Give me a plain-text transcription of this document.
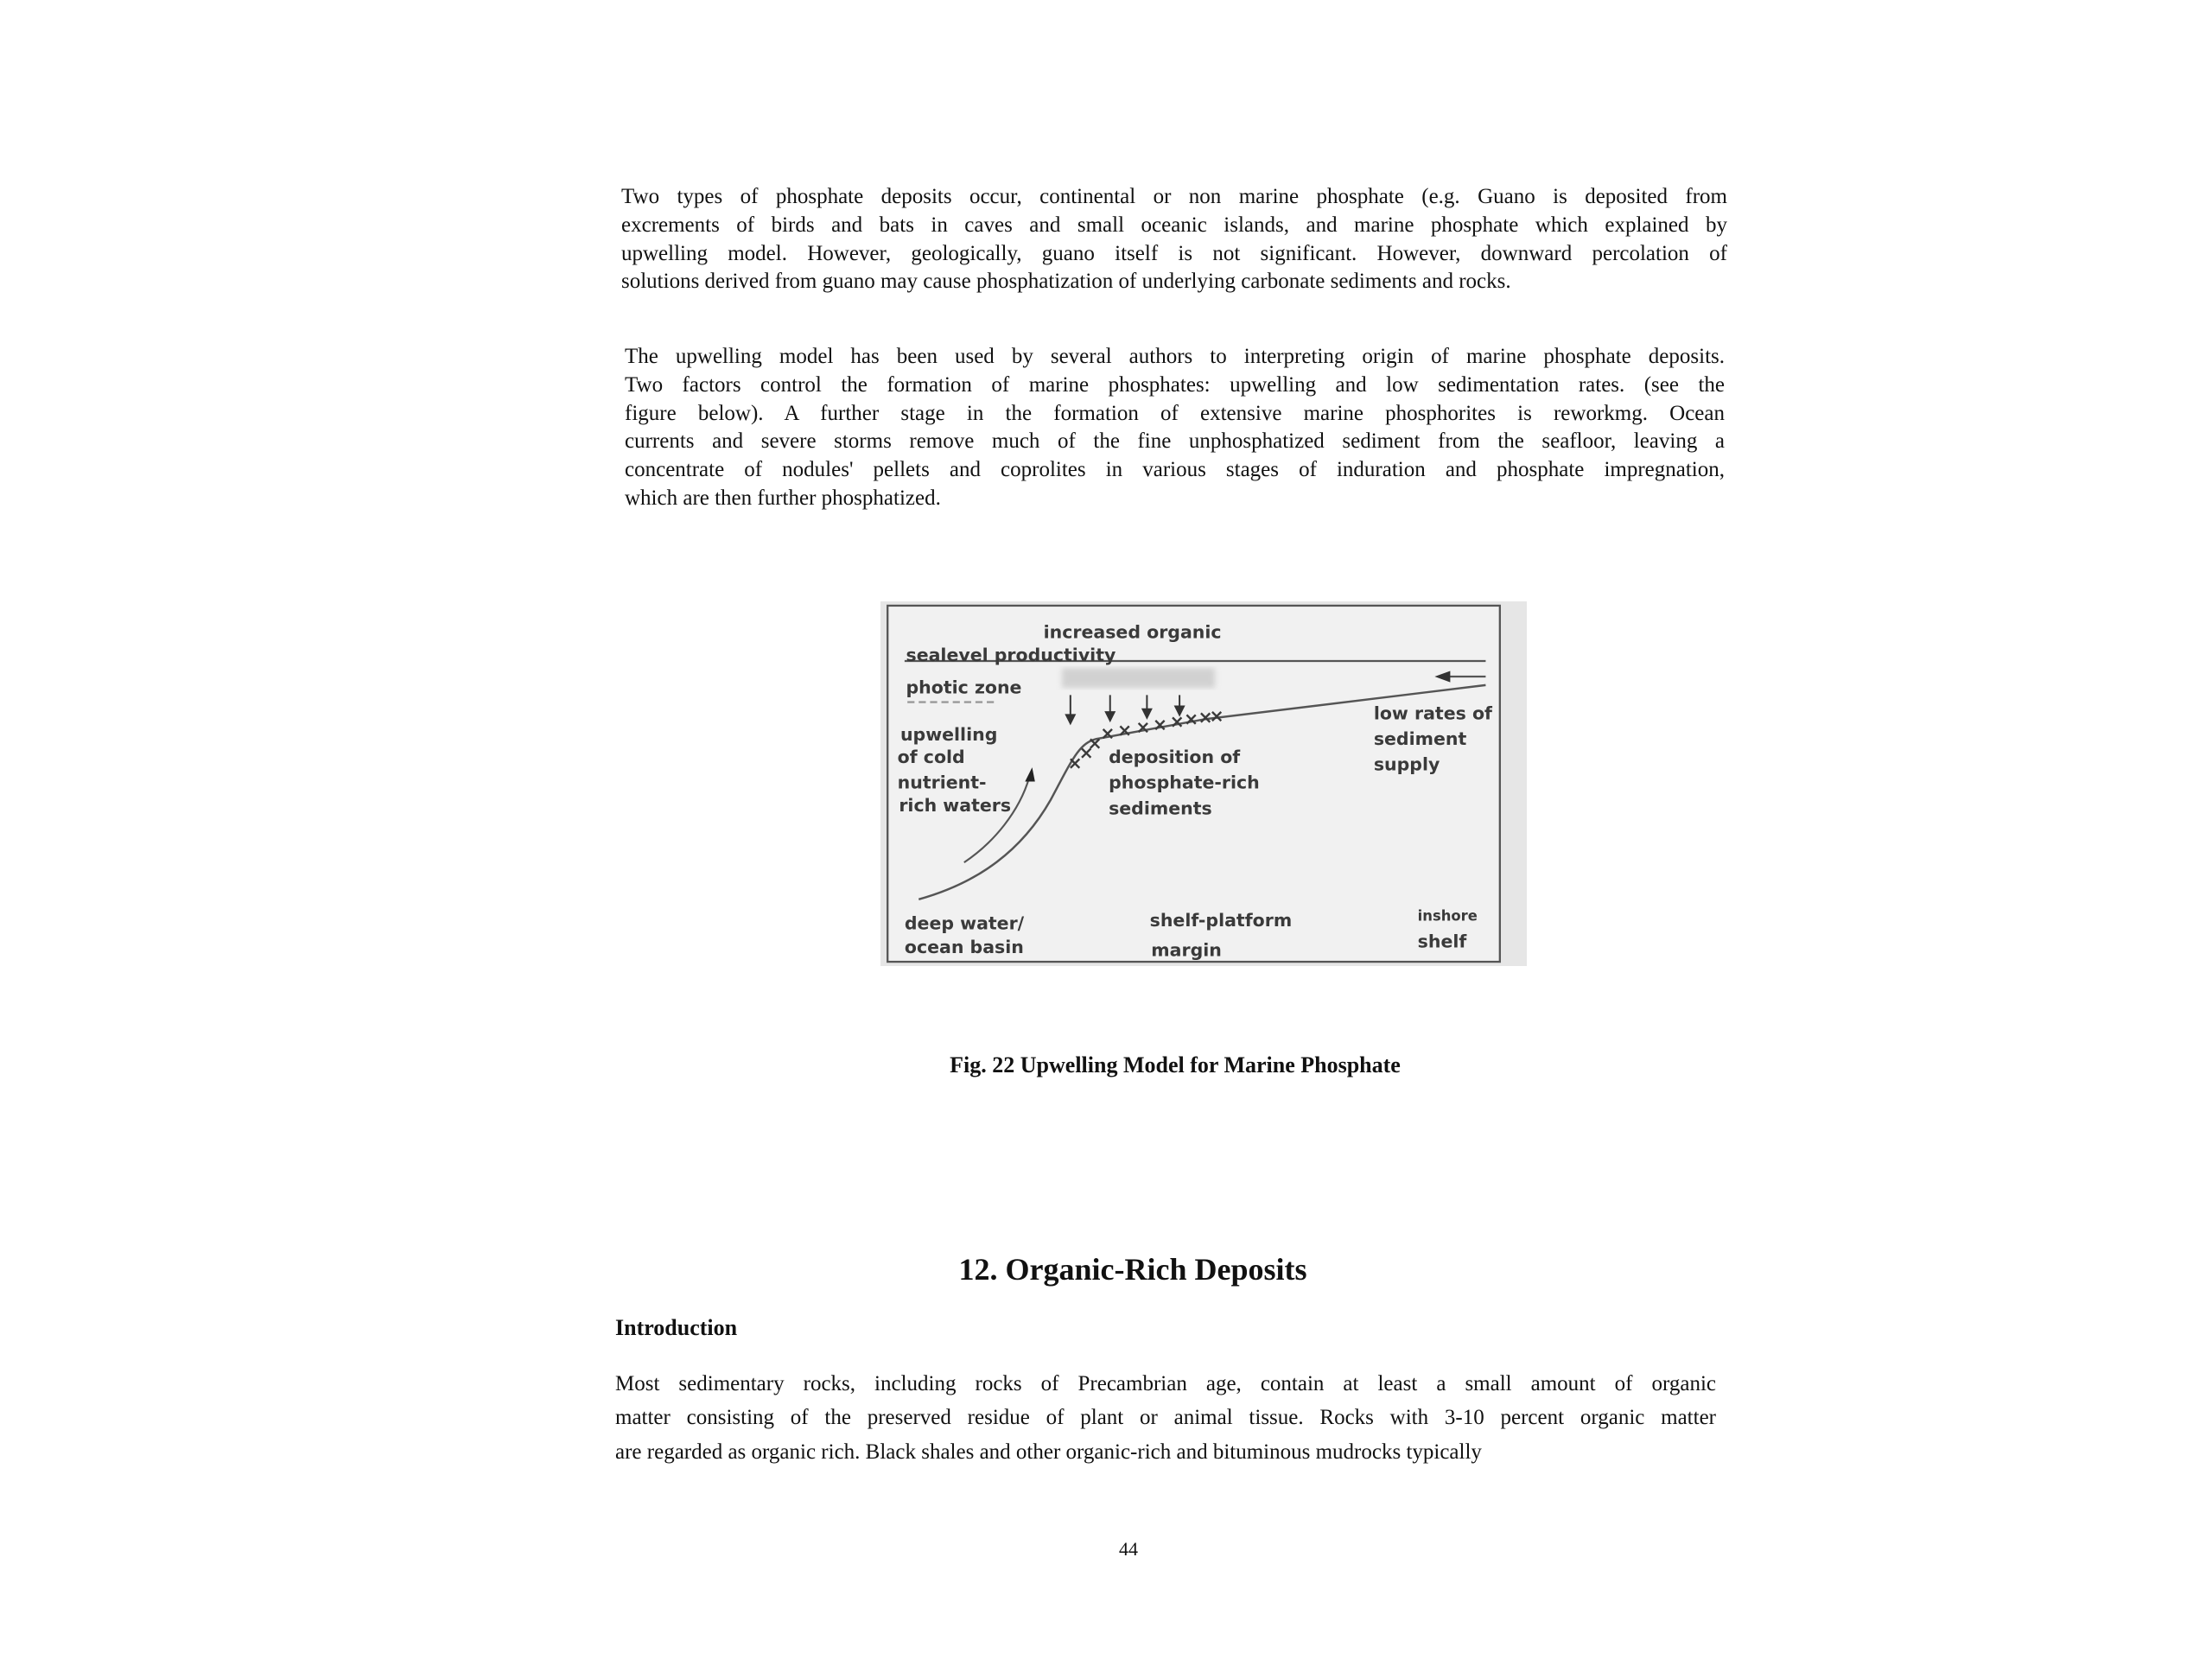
Two types of phosphate deposits occur, continental or non marine phosphate (e.g. Guano is deposited from
excrements of birds and bats in caves and small oceanic islands, and marine phosphate which explained by
upwelling model. However, geologically, guano itself is not significant. However, downward percolation of
solutions derived from guano may cause phosphatization of underlying carbonate sediments and rocks.
The upwelling model has been used by several authors to interpreting origin of marine phosphate deposits.
Two factors control the formation of marine phosphates: upwelling and low sedimentation rates. (see the
figure below). A further stage in the formation of extensive marine phosphorites is reworkmg. Ocean
currents and severe storms remove much of the fine unphosphatized sediment from the seafloor, leaving a
concentrate of nodules' pellets and coprolites in various stages of induration and phosphate impregnation,
which are then further phosphatized.
×
×
×
× × × × × × ×
×
increased organic
sealevel productivity
photic zone
upwelling
of cold
nutrient-
rich waters
deposition of
phosphate-rich
sediments
low rates of
sediment
supply
deep water/
ocean basin
shelf-platform
margin
inshore
shelf
Fig. 22 Upwelling Model for Marine Phosphate
12. Organic-Rich Deposits
Introduction
Most sedimentary rocks, including rocks of Precambrian age, contain at least a small amount of organic
matter consisting of the preserved residue of plant or animal tissue. Rocks with 3-10 percent organic matter
are regarded as organic rich. Black shales and other organic-rich and bituminous mudrocks typically
44
